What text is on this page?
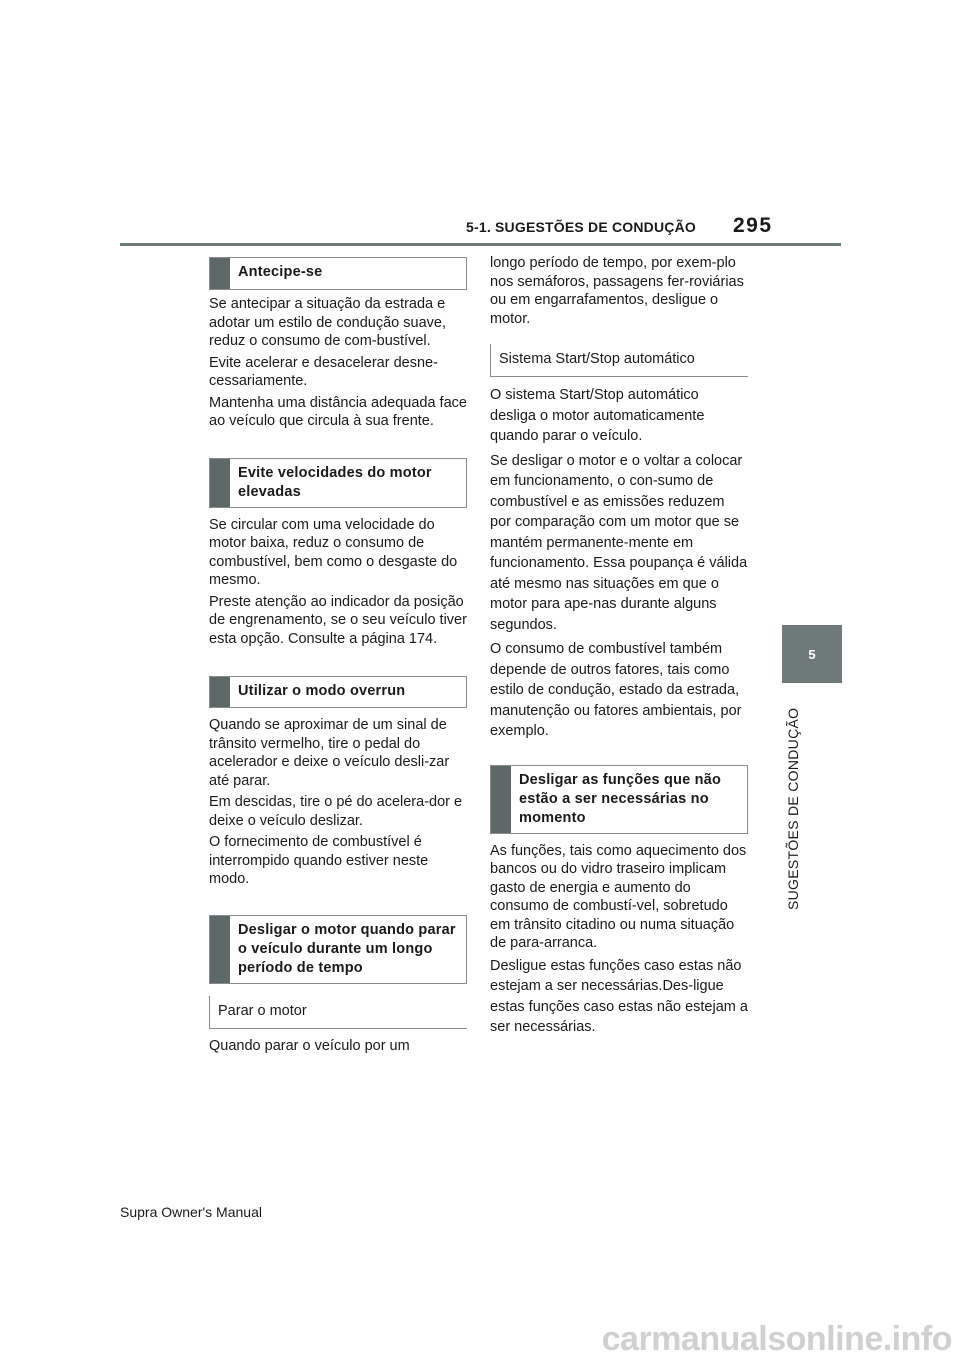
5-1. SUGESTÕES DE CONDUÇÃO 295
5
SUGESTÕES DE CONDUÇÃO
Antecipe-se

Se antecipar a situação da estrada e adotar um estilo de condução suave, reduz o consumo de com-bustível.

Evite acelerar e desacelerar desne-cessariamente.

Mantenha uma distância adequada face ao veículo que circula à sua frente.

Evite velocidades do motor elevadas

Se circular com uma velocidade do motor baixa, reduz o consumo de combustível, bem como o desgaste do mesmo.

Preste atenção ao indicador da posição de engrenamento, se o seu veículo tiver esta opção. Consulte a página 174.

Utilizar o modo overrun

Quando se aproximar de um sinal de trânsito vermelho, tire o pedal do acelerador e deixe o veículo desli-zar até parar.

Em descidas, tire o pé do acelera-dor e deixe o veículo deslizar.

O fornecimento de combustível é interrompido quando estiver neste modo.

Desligar o motor quando parar o veículo durante um longo período de tempo
Parar o motor

Quando parar o veículo por um

longo período de tempo, por exem-plo nos semáforos, passagens fer-roviárias ou em engarrafamentos, desligue o motor.

Sistema Start/Stop automático

O sistema Start/Stop automático desliga o motor automaticamente quando parar o veículo.

Se desligar o motor e o voltar a colocar em funcionamento, o con-sumo de combustível e as emissões reduzem por comparação com um motor que se mantém permanente-mente em funcionamento. Essa poupança é válida até mesmo nas situações em que o motor para ape-nas durante alguns segundos.

O consumo de combustível também depende de outros fatores, tais como estilo de condução, estado da estrada, manutenção ou fatores ambientais, por exemplo.

Desligar as funções que não estão a ser necessárias no momento

As funções, tais como aquecimento dos bancos ou do vidro traseiro implicam gasto de energia e aumento do consumo de combustí-vel, sobretudo em trânsito citadino ou numa situação de para-arranca.

Desligue estas funções caso estas não estejam a ser necessárias.Des-ligue estas funções caso estas não estejam a ser necessárias.

Supra Owner's Manual
carmanualsonline.info
